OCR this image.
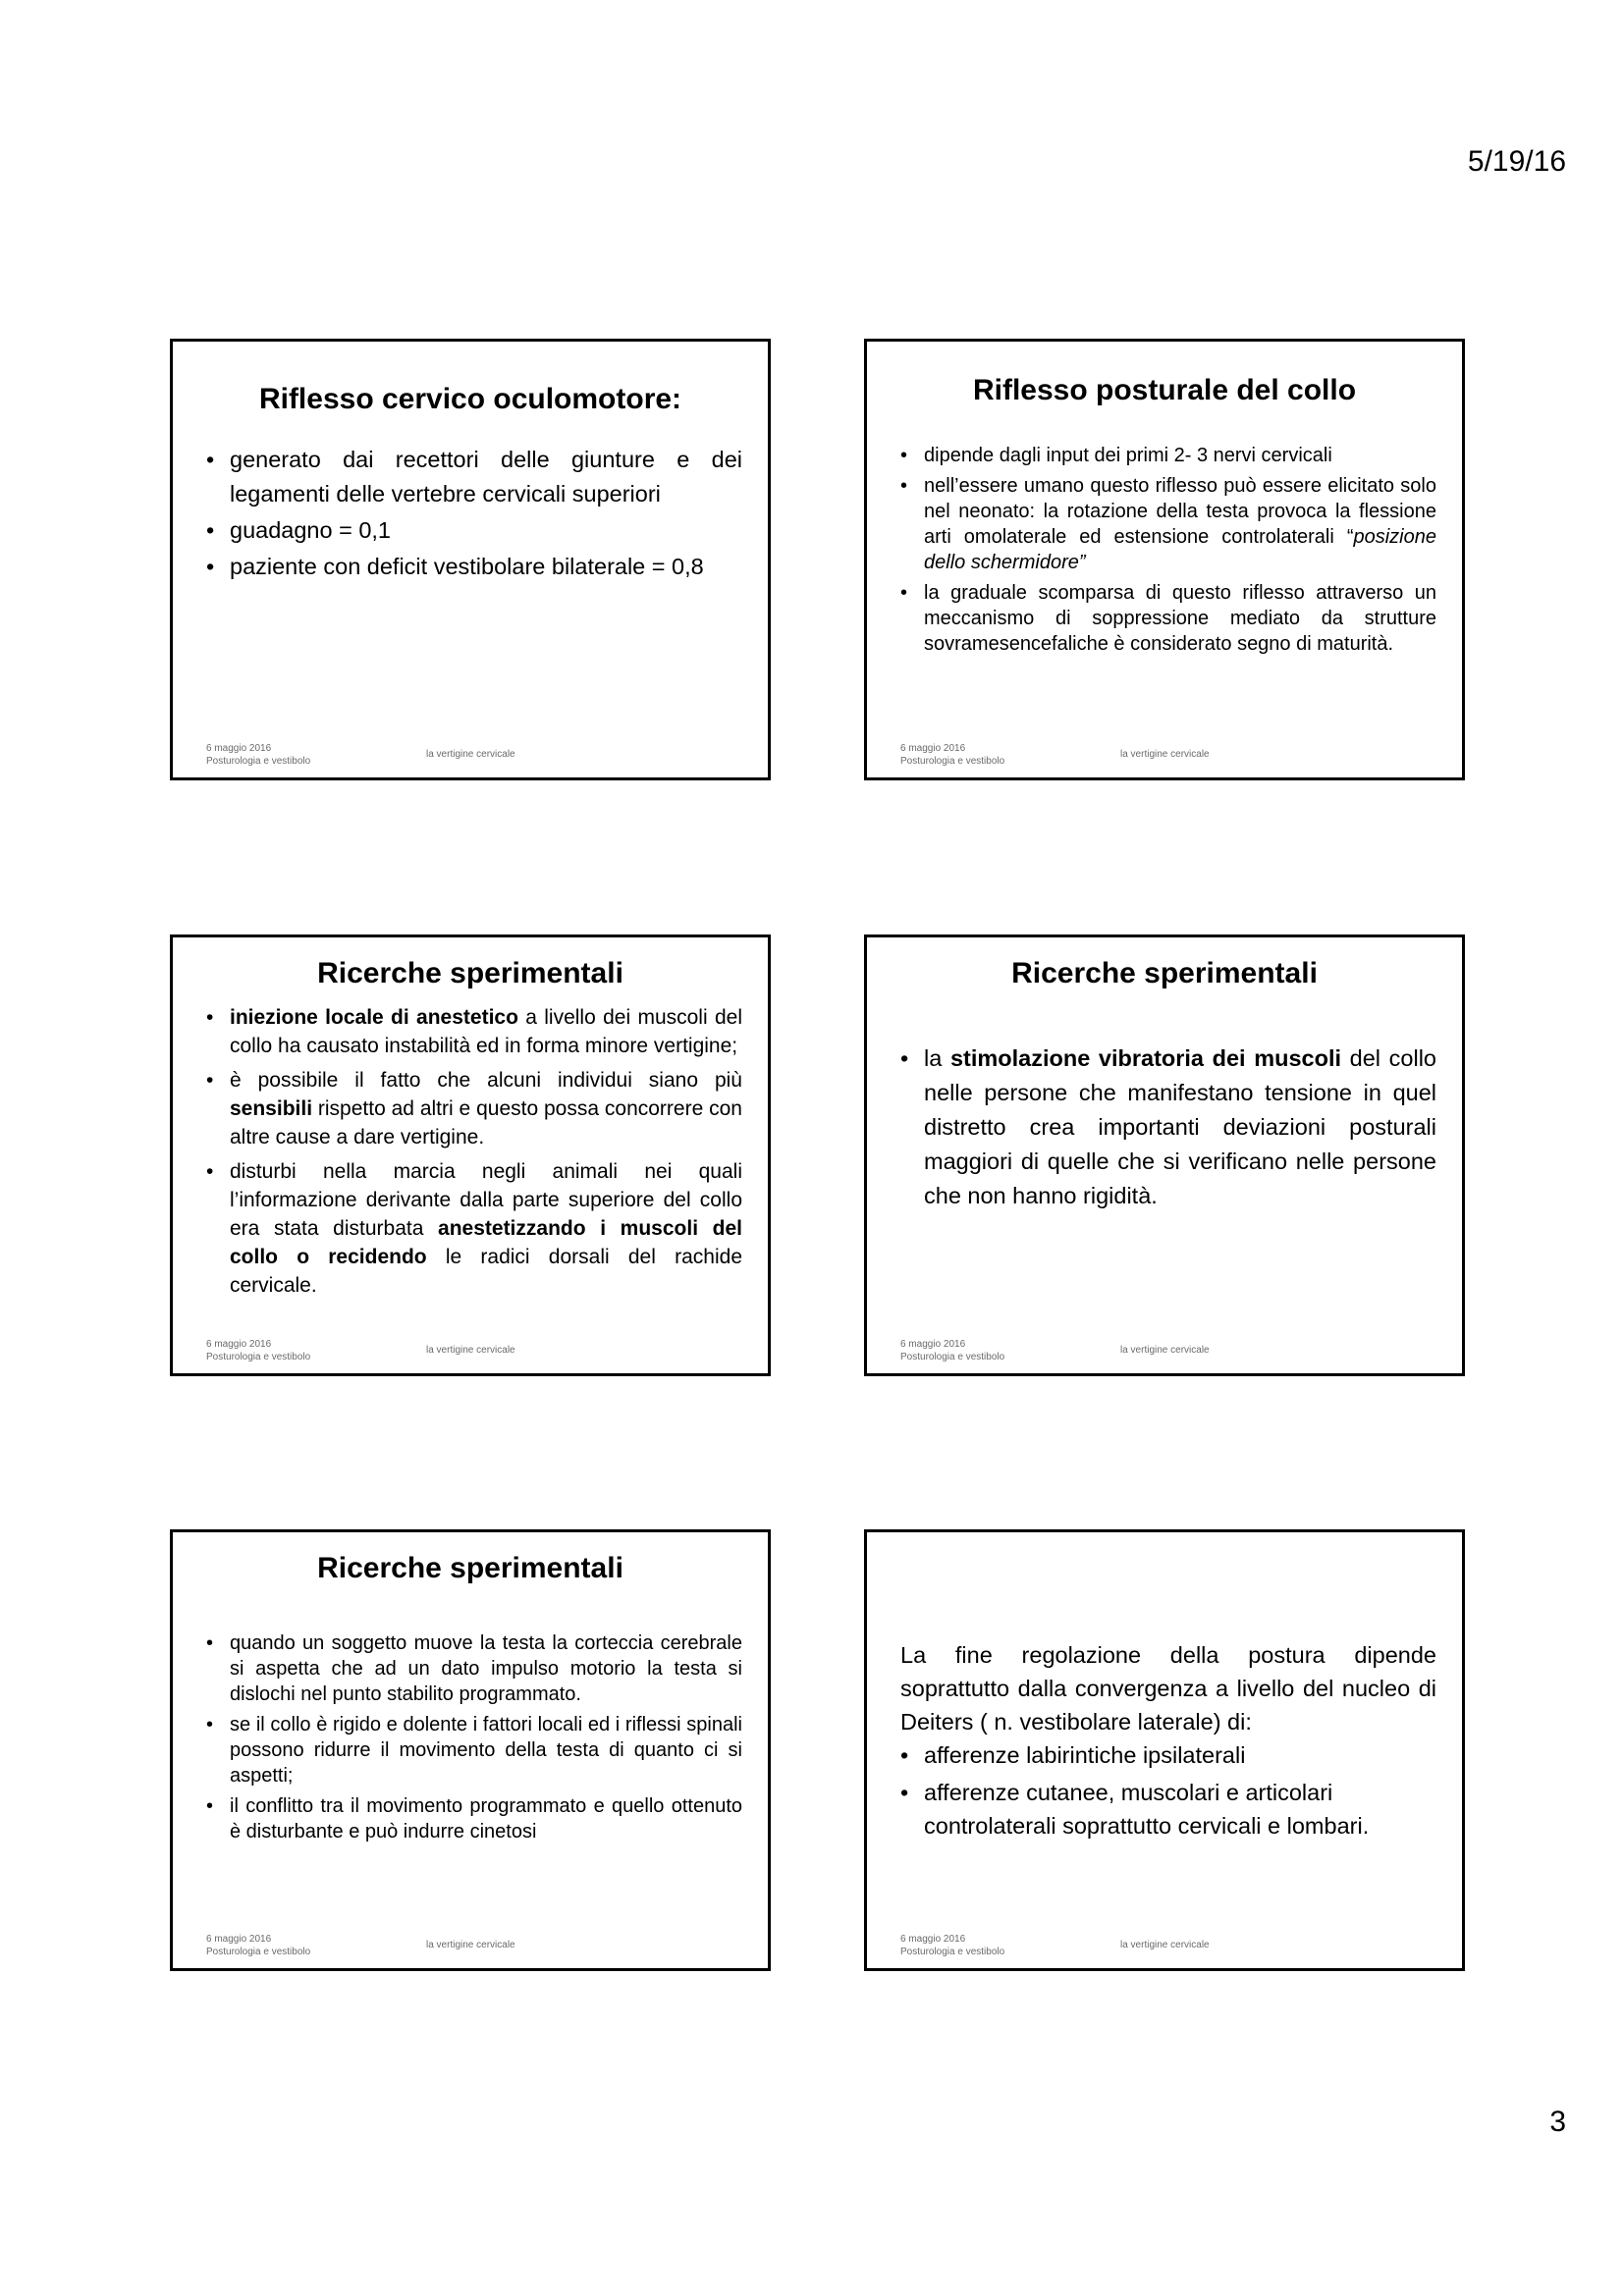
5/19/16
Riflesso cervico oculomotore:
• generato dai recettori delle giunture e dei legamenti delle vertebre cervicali superiori
• guadagno = 0,1
• paziente con deficit vestibolare bilaterale = 0,8
6 maggio 2016
Posturologia e vestibolo
la vertigine cervicale
Riflesso posturale del collo
• dipende dagli input dei primi 2- 3 nervi cervicali
• nell’essere umano questo riflesso può essere elicitato solo nel neonato: la rotazione della testa provoca la flessione arti omolaterale ed estensione controlaterali “posizione dello schermidore”
• la graduale scomparsa di questo riflesso attraverso un meccanismo di soppressione mediato da strutture sovramesencefaliche è considerato segno di maturità.
6 maggio 2016
Posturologia e vestibolo
la vertigine cervicale
Ricerche sperimentali
• iniezione locale di anestetico a livello dei muscoli del collo ha causato instabilità ed in forma minore vertigine;
• è possibile il fatto che alcuni individui siano più sensibili rispetto ad altri e questo possa concorrere con altre cause a dare vertigine.
• disturbi nella marcia negli animali nei quali l’informazione derivante dalla parte superiore del collo era stata disturbata anestetizzando i muscoli del collo o recidendo le radici dorsali del rachide cervicale.
6 maggio 2016
Posturologia e vestibolo
la vertigine cervicale
Ricerche sperimentali
• la stimolazione vibratoria dei muscoli del collo nelle persone che manifestano tensione in quel distretto crea importanti deviazioni posturali maggiori di quelle che si verificano nelle persone che non hanno rigidità.
6 maggio 2016
Posturologia e vestibolo
la vertigine cervicale
Ricerche sperimentali
• quando un soggetto muove la testa la corteccia cerebrale si aspetta che ad un dato impulso motorio la testa si dislochi nel punto stabilito programmato.
• se il collo è rigido e dolente i fattori locali ed i riflessi spinali possono ridurre il movimento della testa di quanto ci si aspetti;
• il conflitto tra il movimento programmato e quello ottenuto è disturbante e può indurre cinetosi
6 maggio 2016
Posturologia e vestibolo
la vertigine cervicale

La fine regolazione della postura dipende soprattutto dalla convergenza a livello del nucleo di Deiters ( n. vestibolare laterale) di:

• afferenze labirintiche ipsilaterali
• afferenze cutanee, muscolari e articolari controlaterali soprattutto cervicali e lombari.
6 maggio 2016
Posturologia e vestibolo
la vertigine cervicale
3
